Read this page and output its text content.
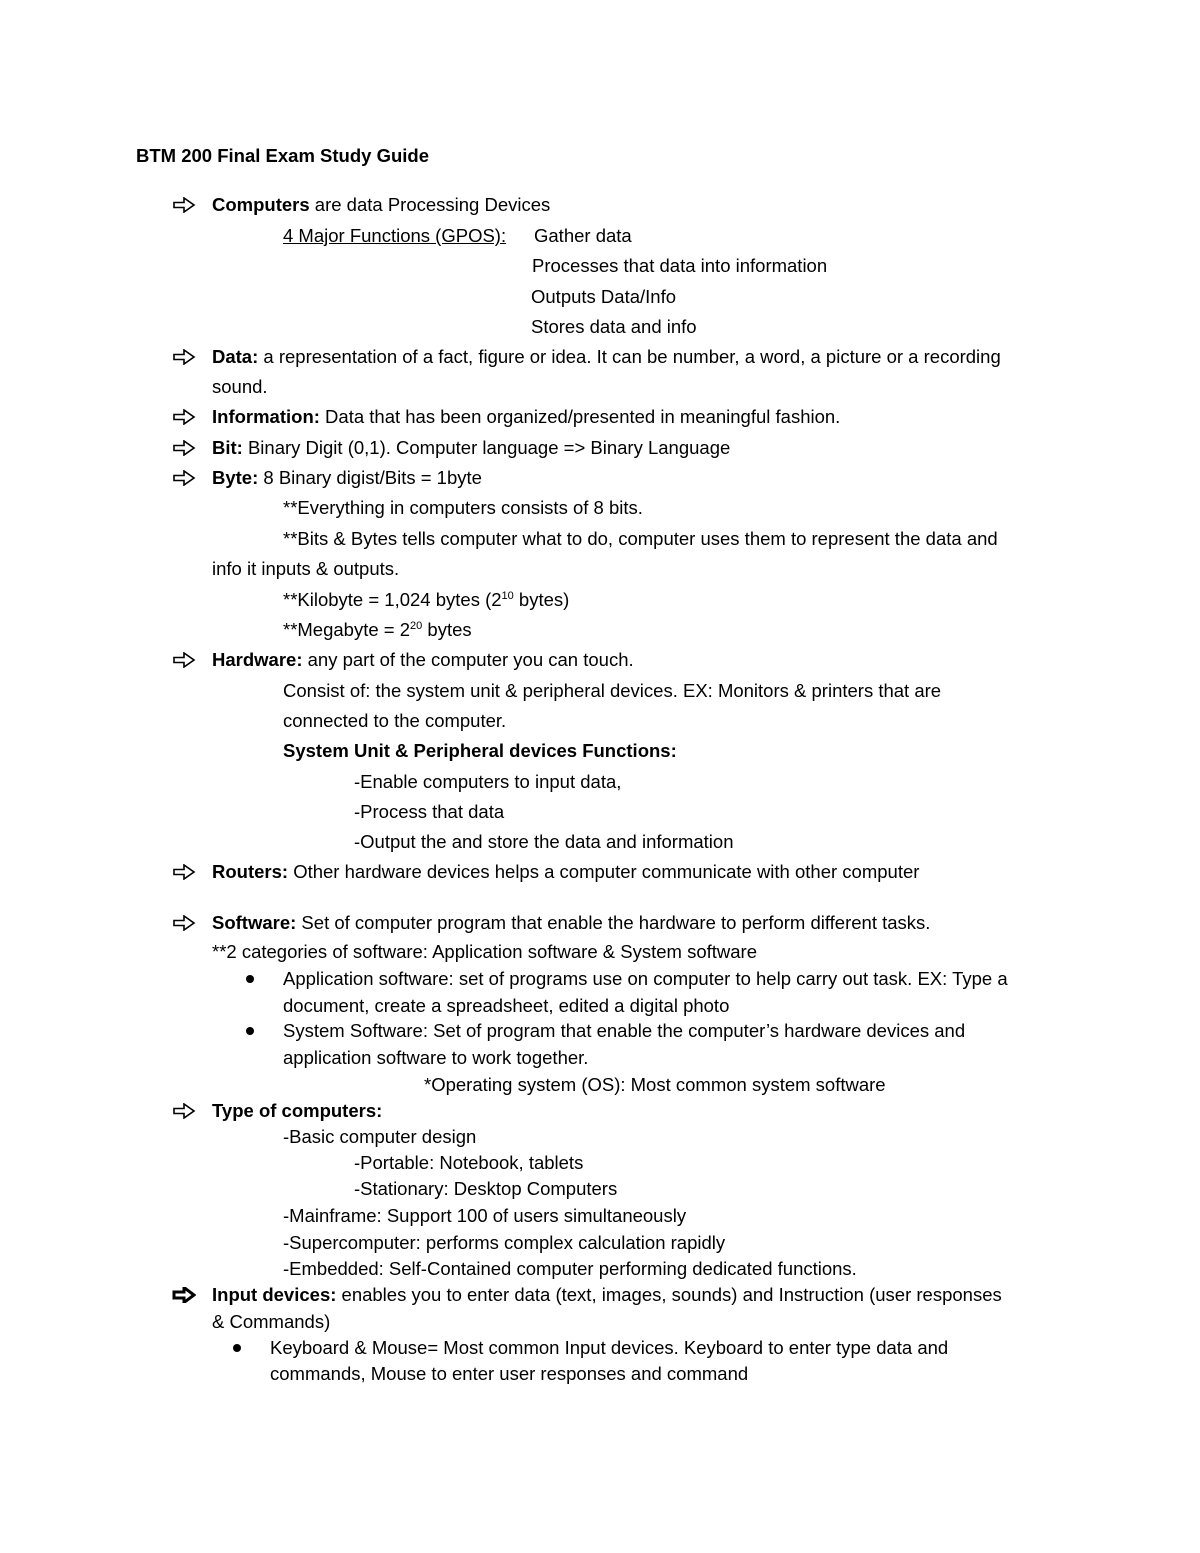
BTM 200 Final Exam Study Guide
Computers are data Processing Devices
4 Major Functions (GPOS): Gather data
Processes that data into information
Outputs Data/Info
Stores data and info
Data: a representation of a fact, figure or idea. It can be number, a word, a picture or a recording
sound.
Information: Data that has been organized/presented in meaningful fashion.
Bit: Binary Digit (0,1). Computer language => Binary Language
Byte: 8 Binary digist/Bits = 1byte
**Everything in computers consists of 8 bits.
**Bits & Bytes tells computer what to do, computer uses them to represent the data and
info it inputs & outputs.
**Kilobyte = 1,024 bytes ($2^{10}$ bytes)
**Megabyte = $2^{20}$ bytes
Hardware: any part of the computer you can touch.
Consist of: the system unit & peripheral devices. EX: Monitors & printers that are
connected to the computer.
System Unit & Peripheral devices Functions:
-Enable computers to input data,
-Process that data
-Output the and store the data and information
Routers: Other hardware devices helps a computer communicate with other computer
Software: Set of computer program that enable the hardware to perform different tasks.
**2 categories of software: Application software & System software
Application software: set of programs use on computer to help carry out task. EX: Type a
document, create a spreadsheet, edited a digital photo
System Software: Set of program that enable the computer’s hardware devices and
application software to work together.
*Operating system (OS): Most common system software
Type of computers:
-Basic computer design
-Portable: Notebook, tablets
-Stationary: Desktop Computers
-Mainframe: Support 100 of users simultaneously
-Supercomputer: performs complex calculation rapidly
-Embedded: Self-Contained computer performing dedicated functions.
Input devices: enables you to enter data (text, images, sounds) and Instruction (user responses
& Commands)
Keyboard & Mouse= Most common Input devices. Keyboard to enter type data and
commands, Mouse to enter user responses and command
